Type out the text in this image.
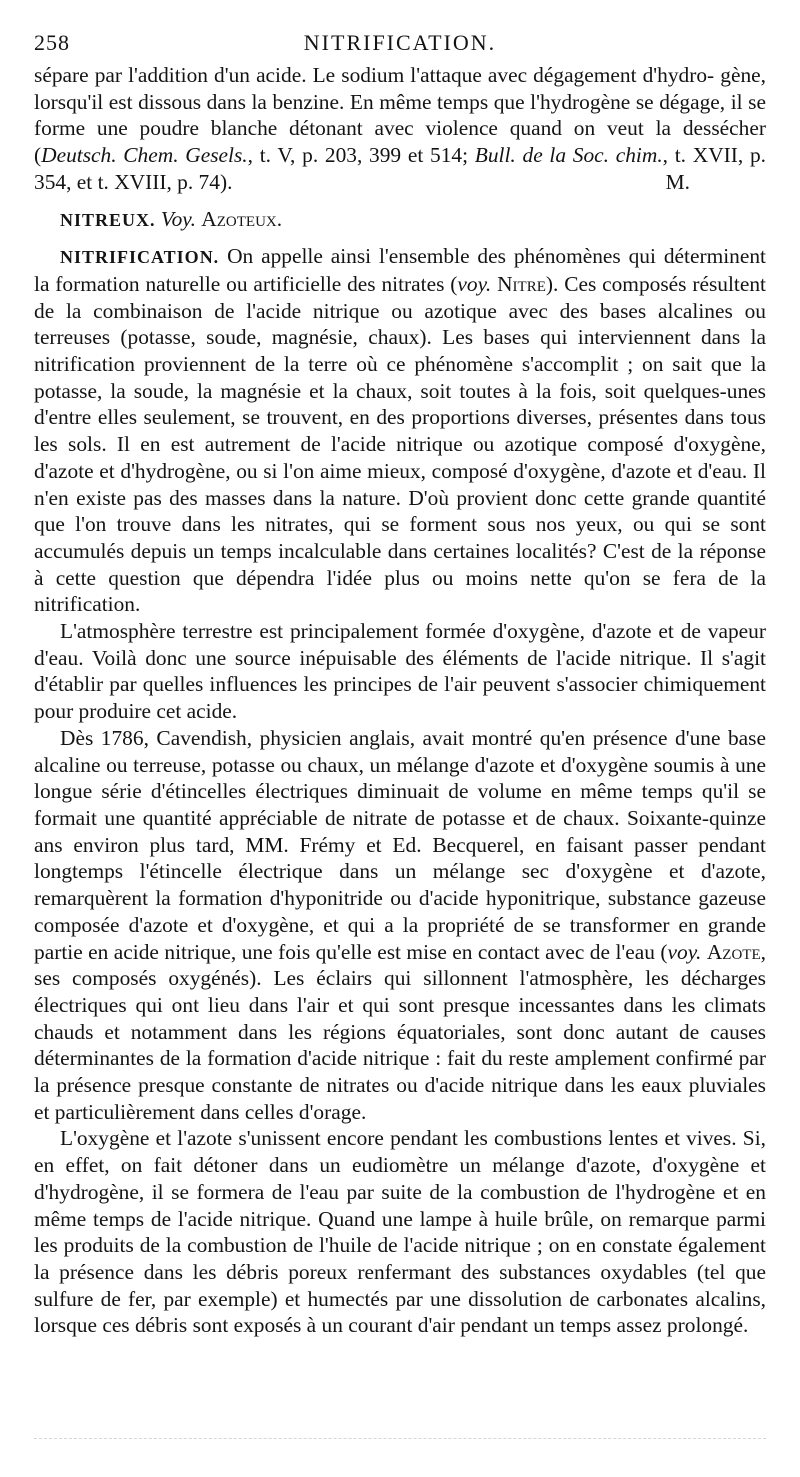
258	NITRIFICATION.

sépare par l'addition d'un acide. Le sodium l'attaque avec dégagement d'hydro- gène, lorsqu'il est dissous dans la benzine. En même temps que l'hydrogène se dégage, il se forme une poudre blanche détonant avec violence quand on veut la dessécher (Deutsch. Chem. Gesels., t. V, p. 203, 399 et 514; Bull. de la Soc. chim., t. XVII, p. 354, et t. XVIII, p. 74).	M.

NITREUX. Voy. Azoteux.

NITRIFICATION. On appelle ainsi l'ensemble des phénomènes qui déterminent la formation naturelle ou artificielle des nitrates (voy. Nitre). Ces composés résultent de la combinaison de l'acide nitrique ou azotique avec des bases alcalines ou terreuses (potasse, soude, magnésie, chaux). Les bases qui interviennent dans la nitrification proviennent de la terre où ce phénomène s'accomplit ; on sait que la potasse, la soude, la magnésie et la chaux, soit toutes à la fois, soit quelques-unes d'entre elles seulement, se trouvent, en des proportions diverses, présentes dans tous les sols. Il en est autrement de l'acide nitrique ou azotique composé d'oxygène, d'azote et d'hydrogène, ou si l'on aime mieux, composé d'oxygène, d'azote et d'eau. Il n'en existe pas des masses dans la nature. D'où provient donc cette grande quantité que l'on trouve dans les nitrates, qui se forment sous nos yeux, ou qui se sont accumulés depuis un temps incalculable dans certaines localités? C'est de la réponse à cette question que dépendra l'idée plus ou moins nette qu'on se fera de la nitrification.

L'atmosphère terrestre est principalement formée d'oxygène, d'azote et de vapeur d'eau. Voilà donc une source inépuisable des éléments de l'acide nitrique. Il s'agit d'établir par quelles influences les principes de l'air peuvent s'associer chimiquement pour produire cet acide.

Dès 1786, Cavendish, physicien anglais, avait montré qu'en présence d'une base alcaline ou terreuse, potasse ou chaux, un mélange d'azote et d'oxygène soumis à une longue série d'étincelles électriques diminuait de volume en même temps qu'il se formait une quantité appréciable de nitrate de potasse et de chaux. Soixante-quinze ans environ plus tard, MM. Frémy et Ed. Becquerel, en faisant passer pendant longtemps l'étincelle électrique dans un mélange sec d'oxygène et d'azote, remarquèrent la formation d'hyponitride ou d'acide hyponitrique, substance gazeuse composée d'azote et d'oxygène, et qui a la propriété de se transformer en grande partie en acide nitrique, une fois qu'elle est mise en contact avec de l'eau (voy. Azote, ses composés oxygénés). Les éclairs qui sillonnent l'atmosphère, les décharges électriques qui ont lieu dans l'air et qui sont presque incessantes dans les climats chauds et notamment dans les régions équatoriales, sont donc autant de causes déterminantes de la formation d'acide nitrique : fait du reste amplement confirmé par la présence presque constante de nitrates ou d'acide nitrique dans les eaux pluviales et particulièrement dans celles d'orage.

L'oxygène et l'azote s'unissent encore pendant les combustions lentes et vives. Si, en effet, on fait détoner dans un eudiomètre un mélange d'azote, d'oxygène et d'hydrogène, il se formera de l'eau par suite de la combustion de l'hydrogène et en même temps de l'acide nitrique. Quand une lampe à huile brûle, on remarque parmi les produits de la combustion de l'huile de l'acide nitrique ; on en constate également la présence dans les débris poreux renfermant des substances oxydables (tel que sulfure de fer, par exemple) et humectés par une dissolution de carbonates alcalins, lorsque ces débris sont exposés à un courant d'air pendant un temps assez prolongé.
